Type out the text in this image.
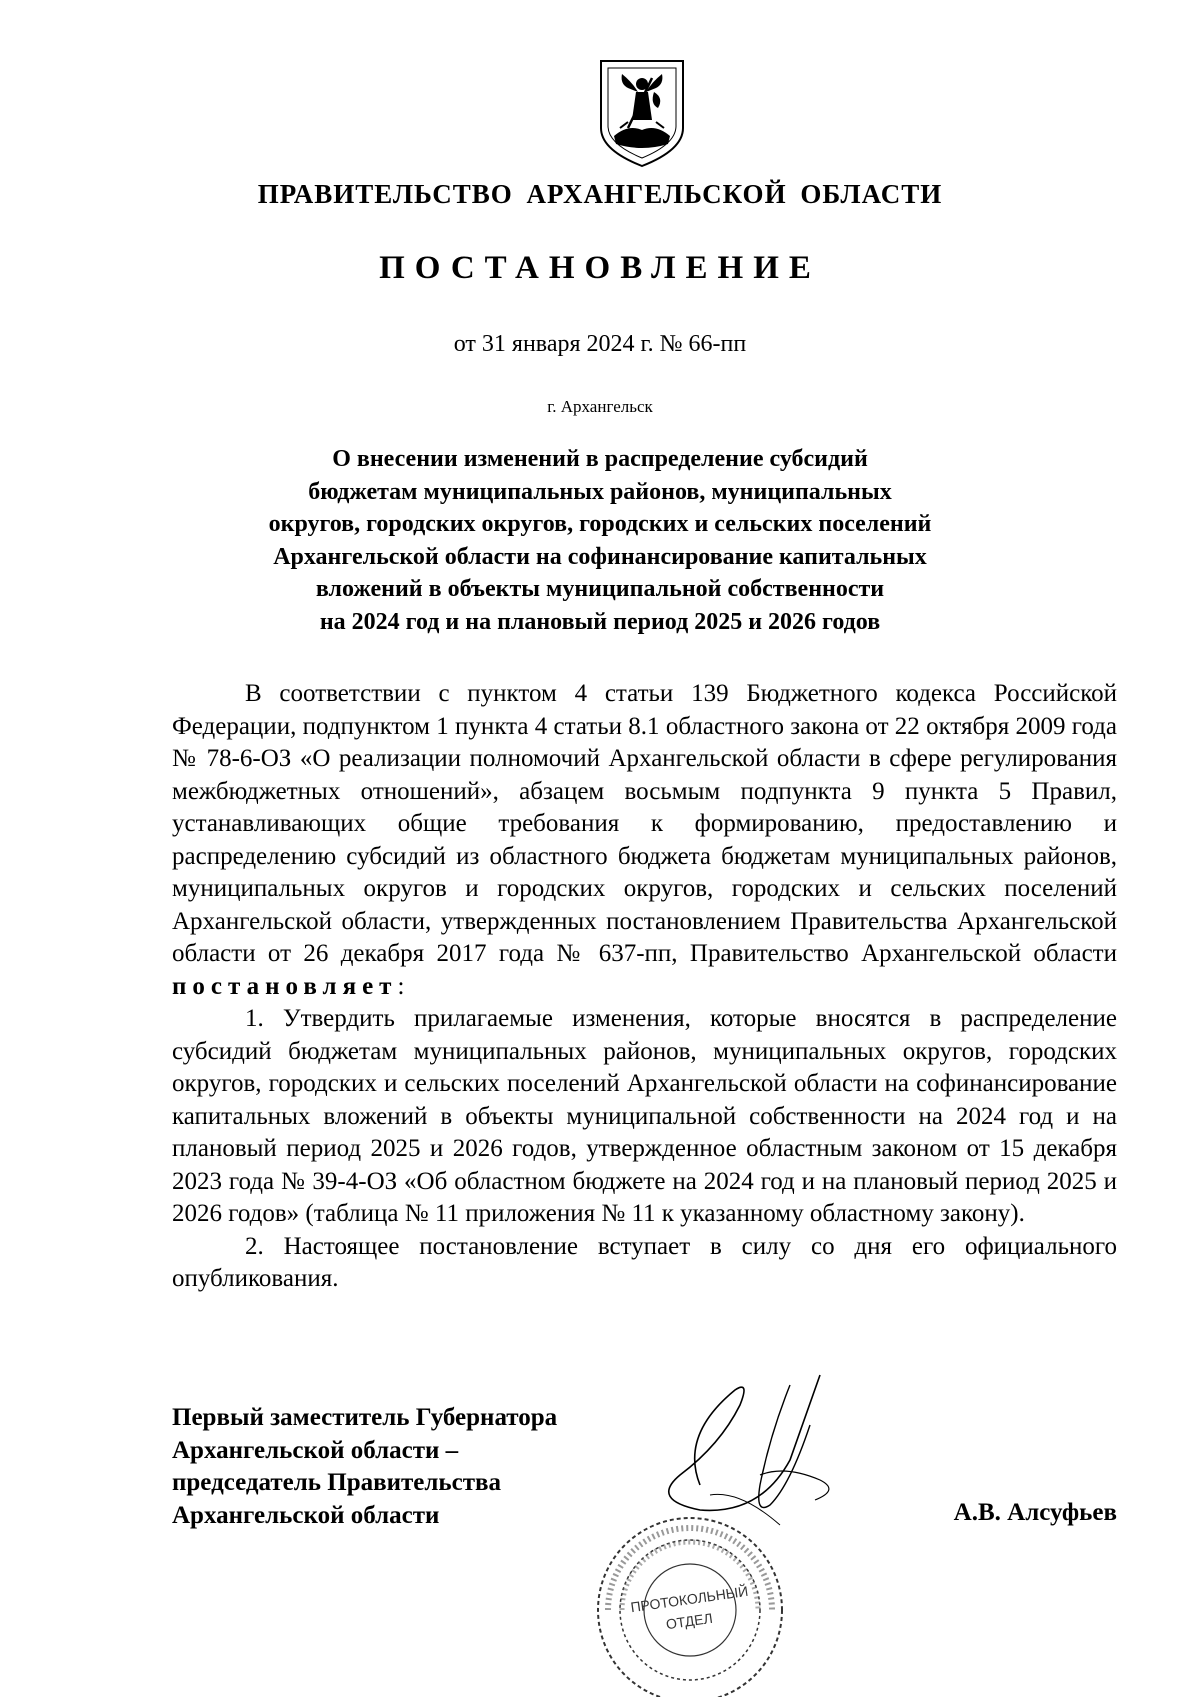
ПРАВИТЕЛЬСТВО АРХАНГЕЛЬСКОЙ ОБЛАСТИ
ПОСТАНОВЛЕНИЕ
от 31 января 2024 г. № 66-пп
г. Архангельск
О внесении изменений в распределение субсидий
бюджетам муниципальных районов, муниципальных
округов, городских округов, городских и сельских поселений
Архангельской области на софинансирование капитальных
вложений в объекты муниципальной собственности
на 2024 год и на плановый период 2025 и 2026 годов

В соответствии с пунктом 4 статьи 139 Бюджетного кодекса Российской Федерации, подпунктом 1 пункта 4 статьи 8.1 областного закона от 22 октября 2009 года № 78-6-ОЗ «О реализации полномочий Архангельской области в сфере регулирования межбюджетных отношений», абзацем восьмым подпункта 9 пункта 5 Правил, устанавливающих общие требования к формированию, предоставлению и распределению субсидий из областного бюджета бюджетам муниципальных районов, муниципальных округов и городских округов, городских и сельских поселений Архангельской области, утвержденных постановлением Правительства Архангельской области от 26 декабря 2017 года № 637-пп, Правительство Архангельской области постановляет:

1. Утвердить прилагаемые изменения, которые вносятся в распределение субсидий бюджетам муниципальных районов, муниципальных округов, городских округов, городских и сельских поселений Архангельской области на софинансирование капитальных вложений в объекты муниципальной собственности на 2024 год и на плановый период 2025 и 2026 годов, утвержденное областным законом от 15 декабря 2023 года № 39-4-ОЗ «Об областном бюджете на 2024 год и на плановый период 2025 и 2026 годов» (таблица № 11 приложения № 11 к указанному областному закону).

2. Настоящее постановление вступает в силу со дня его официального опубликования.

Первый заместитель Губернатора
Архангельской области –
председатель Правительства
Архангельской области	А.В. Алсуфьев
ПРОТОКОЛЬНЫЙ
ОТДЕЛ
